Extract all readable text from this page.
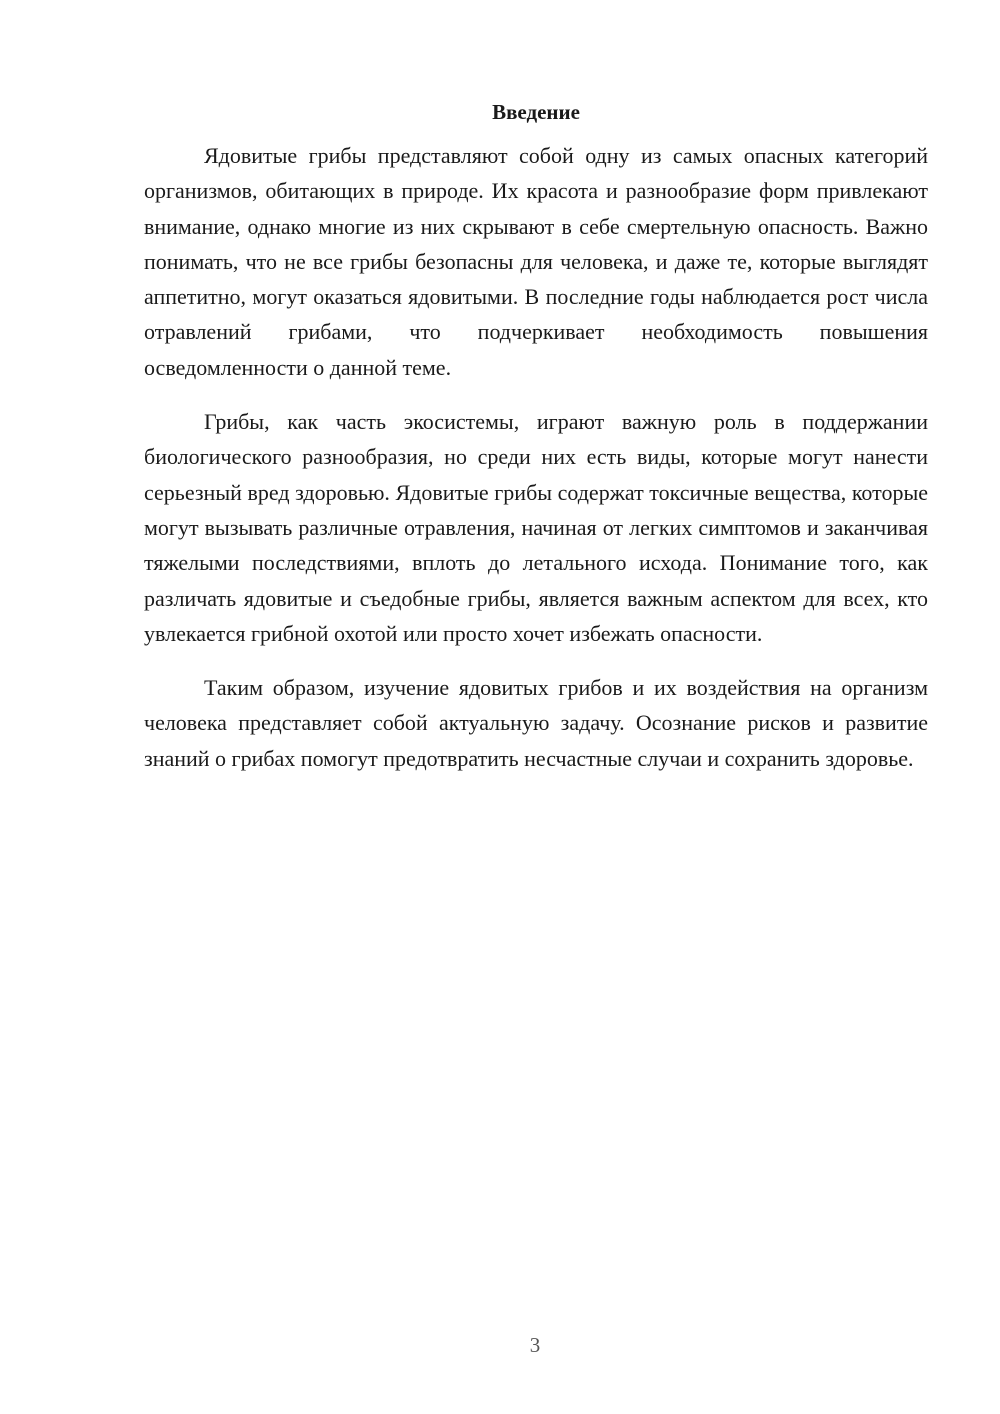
Введение

Ядовитые грибы представляют собой одну из самых опасных категорий организмов, обитающих в природе. Их красота и разнообразие форм привлекают внимание, однако многие из них скрывают в себе смертельную опасность. Важно понимать, что не все грибы безопасны для человека, и даже те, которые выглядят аппетитно, могут оказаться ядовитыми. В последние годы наблюдается рост числа отравлений грибами, что подчеркивает необходимость повышения осведомленности о данной теме.

Грибы, как часть экосистемы, играют важную роль в поддержании биологического разнообразия, но среди них есть виды, которые могут нанести серьезный вред здоровью. Ядовитые грибы содержат токсичные вещества, которые могут вызывать различные отравления, начиная от легких симптомов и заканчивая тяжелыми последствиями, вплоть до летального исхода. Понимание того, как различать ядовитые и съедобные грибы, является важным аспектом для всех, кто увлекается грибной охотой или просто хочет избежать опасности.

Таким образом, изучение ядовитых грибов и их воздействия на организм человека представляет собой актуальную задачу. Осознание рисков и развитие знаний о грибах помогут предотвратить несчастные случаи и сохранить здоровье.

3
